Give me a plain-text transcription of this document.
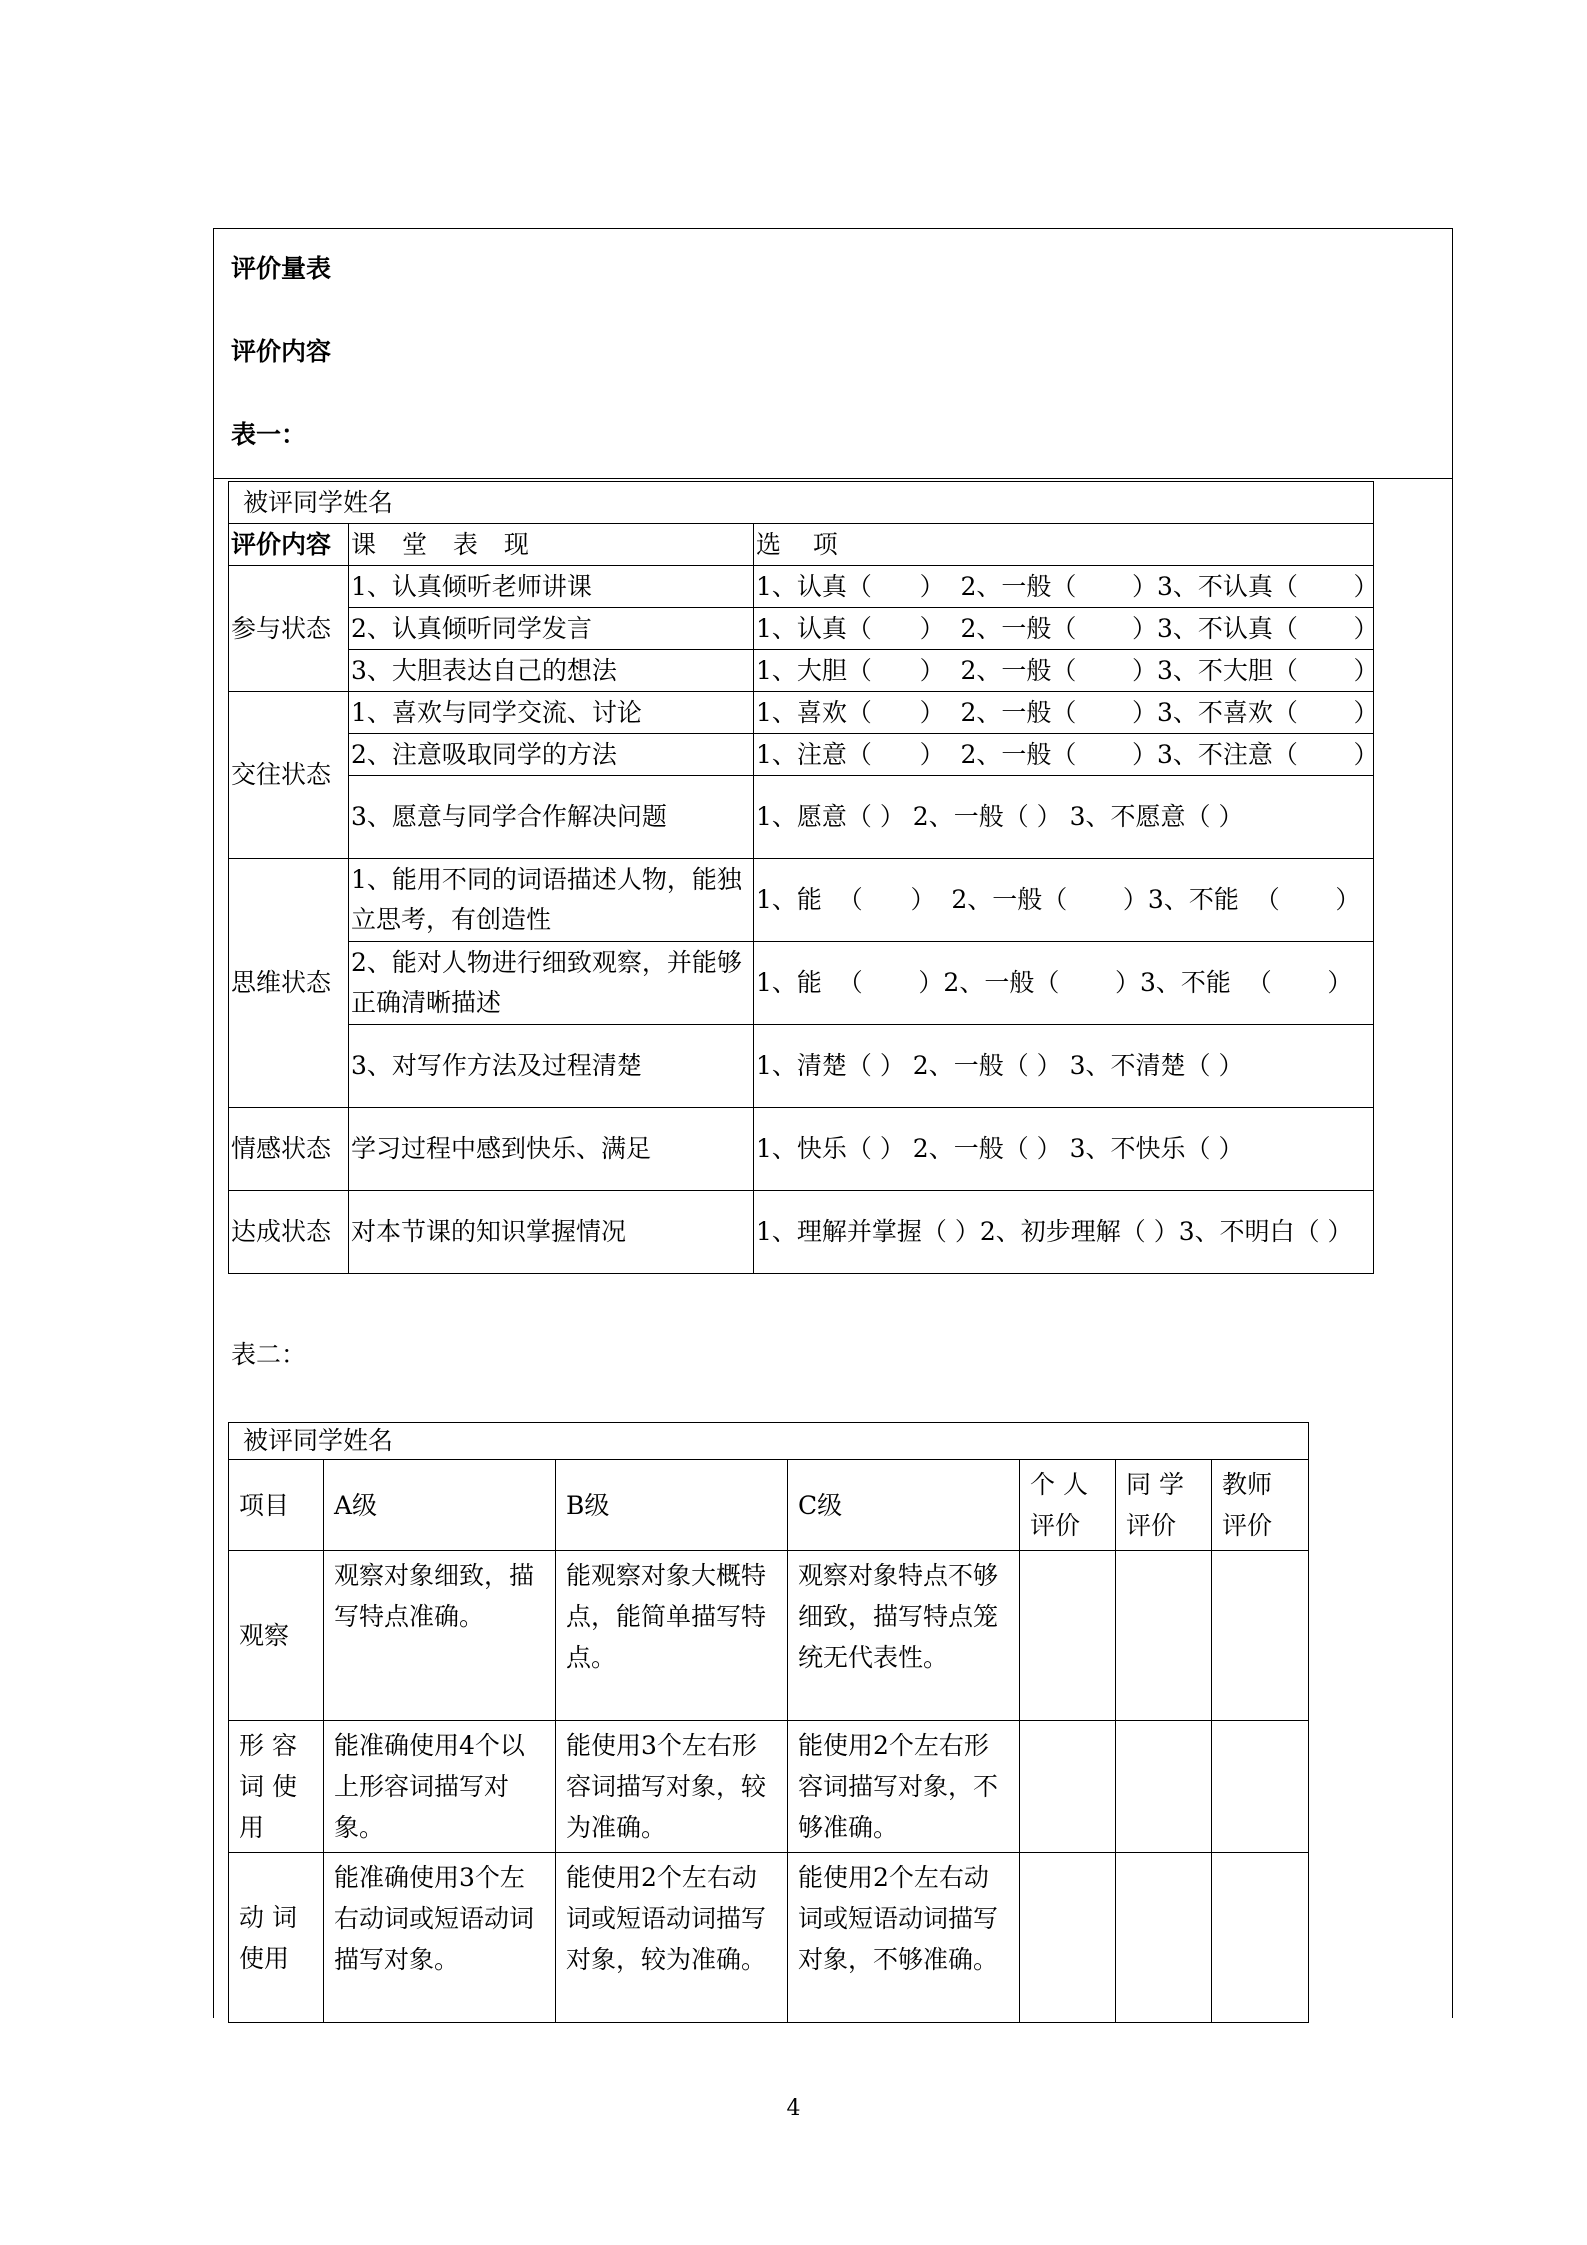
评价量表
评价内容
表一：
被评同学姓名		
评价内容	课 堂 表 现	选    项
参与状态	1、认真倾听老师讲课	1、认真（      ）  2、一般（       ）3、不认真（       ）
	2、认真倾听同学发言	1、认真（      ）  2、一般（       ）3、不认真（       ）
	3、大胆表达自己的想法	1、大胆（      ）  2、一般（       ）3、不大胆（       ）
交往状态	1、喜欢与同学交流、讨论	1、喜欢（      ）  2、一般（       ）3、不喜欢（       ）
	2、注意吸取同学的方法	1、注意（      ）  2、一般（       ）3、不注意（       ）
	3、愿意与同学合作解决问题	1、愿意（ ） 2、一般（ ） 3、不愿意（ ）
思维状态	1、能用不同的词语描述人物，能独立思考，有创造性	1、能  （      ）  2、一般（       ）3、不能  （       ）
	2、能对人物进行细致观察，并能够正确清晰描述	1、能  （       ）2、一般（       ）3、不能  （       ）
	3、对写作方法及过程清楚	1、清楚（ ） 2、一般（ ） 3、不清楚（ ）
情感状态	学习过程中感到快乐、满足	1、快乐（ ） 2、一般（ ） 3、不快乐（ ）
达成状态	对本节课的知识掌握情况	1、理解并掌握（ ）2、初步理解（ ）3、不明白（ ）
表二：
被评同学姓名						
项目	A级	B级	C级	个 人 评价	同 学 评价	教师 评价
观察	观察对象细致，描写特点准确。	能观察对象大概特点，能简单描写特点。	观察对象特点不够细致，描写特点笼统无代表性。			
形 容 词 使 用	能准确使用4个以上形容词描写对象。	能使用3个左右形容词描写对象，较为准确。	能使用2个左右形容词描写对象，不够准确。			
动 词 使用	能准确使用3个左右动词或短语动词描写对象。	能使用2个左右动词或短语动词描写对象，较为准确。	能使用2个左右动词或短语动词描写对象，不够准确。			
4
